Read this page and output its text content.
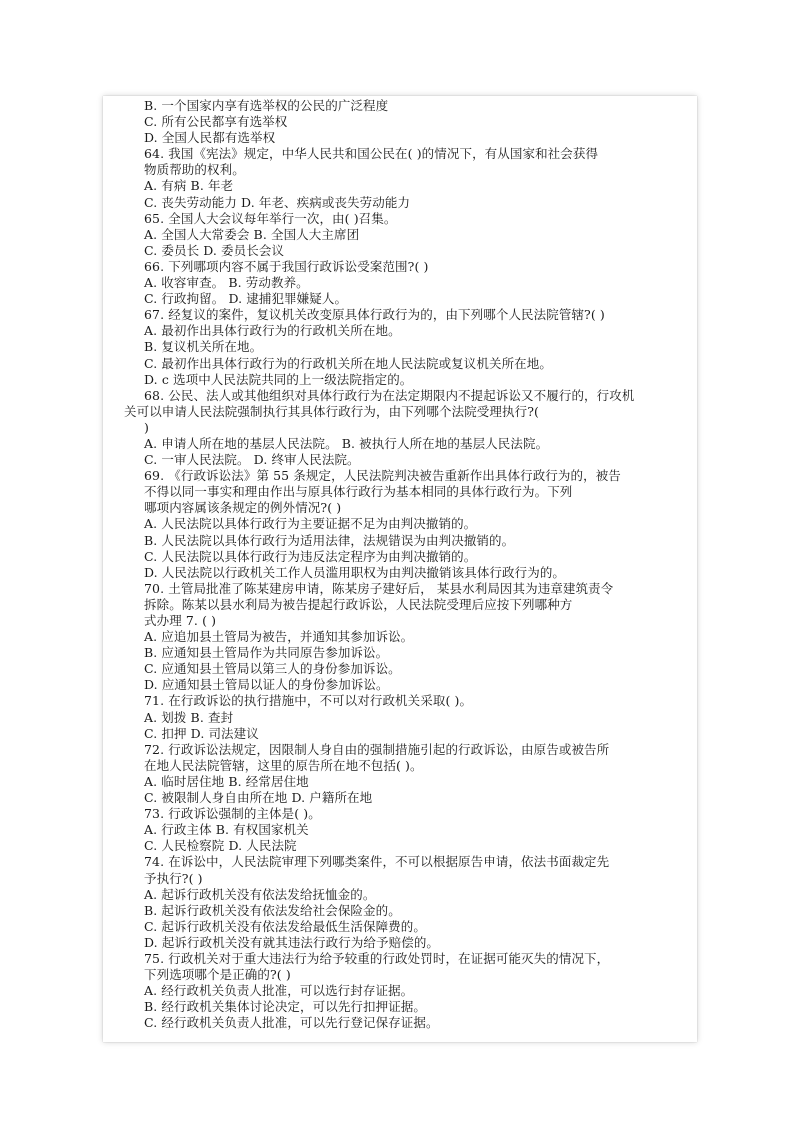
B. 一个国家内享有选举权的公民的广泛程度
C. 所有公民都享有选举权
D. 全国人民都有选举权
64. 我国《宪法》规定，中华人民共和国公民在( )的情况下，有从国家和社会获得
物质帮助的权利。
A. 有病 B. 年老
C. 丧失劳动能力 D. 年老、疾病或丧失劳动能力
65. 全国人大会议每年举行一次，由( )召集。
A. 全国人大常委会 B. 全国人大主席团
C. 委员长 D. 委员长会议
66. 下列哪项内容不属于我国行政诉讼受案范围?( )
A. 收容审查。 B. 劳动教养。
C. 行政拘留。 D. 逮捕犯罪嫌疑人。
67. 经复议的案件，复议机关改变原具体行政行为的，由下列哪个人民法院管辖?( )
A. 最初作出具体行政行为的行政机关所在地。
B. 复议机关所在地。
C. 最初作出具体行政行为的行政机关所在地人民法院或复议机关所在地。
D. c 选项中人民法院共同的上一级法院指定的。
68. 公民、法人或其他组织对具体行政行为在法定期限内不提起诉讼又不履行的，行攻机
关可以申请人民法院强制执行其具体行政行为，由下列哪个法院受理执行?(
)
A. 申请人所在地的基层人民法院。 B. 被执行人所在地的基层人民法院。
C. 一审人民法院。 D. 终审人民法院。
69. 《行政诉讼法》第 55 条规定，人民法院判决被告重新作出具体行政行为的，被告
不得以同一事实和理由作出与原具体行政行为基本相同的具体行政行为。下列
哪项内容属该条规定的例外情况?( )
A. 人民法院以具体行政行为主要证据不足为由判决撤销的。
B. 人民法院以具体行政行为适用法律，法规错误为由判决撤销的。
C. 人民法院以具体行政行为违反法定程序为由判决撤销的。
D. 人民法院以行政机关工作人员滥用职权为由判决撤销该具体行政行为的。
70. 土管局批准了陈某建房申请，陈某房子建好后， 某县水利局因其为违章建筑责令
拆除。陈某以县水利局为被告提起行政诉讼，人民法院受理后应按下列哪种方
式办理 7. ( )
A. 应追加县土管局为被告，并通知其参加诉讼。
B. 应通知县土管局作为共同原告参加诉讼。
C. 应通知县土管局以第三人的身份参加诉讼。
D. 应通知县土管局以证人的身份参加诉讼。
71. 在行政诉讼的执行措施中，不可以对行政机关采取( )。
A. 划拨 B. 查封
C. 扣押 D. 司法建议
72. 行政诉讼法规定，因限制人身自由的强制措施引起的行政诉讼，由原告或被告所
在地人民法院管辖，这里的原告所在地不包括( )。
A. 临时居住地 B. 经常居住地
C. 被限制人身自由所在地 D. 户籍所在地
73. 行政诉讼强制的主体是( )。
A. 行政主体 B. 有权国家机关
C. 人民检察院 D. 人民法院
74. 在诉讼中，人民法院审理下列哪类案件，不可以根据原告申请，依法书面裁定先
予执行?( )
A. 起诉行政机关没有依法发给抚恤金的。
B. 起诉行政机关没有依法发给社会保险金的。
C. 起诉行政机关没有依法发给最低生活保障费的。
D. 起诉行政机关没有就其违法行政行为给予赔偿的。
75. 行政机关对于重大违法行为给予较重的行政处罚时，在证据可能灭失的情况下，
下列选项哪个是正确的?( )
A. 经行政机关负责人批准，可以选行封存证据。
B. 经行政机关集体讨论决定，可以先行扣押证据。
C. 经行政机关负责人批准，可以先行登记保存证据。
